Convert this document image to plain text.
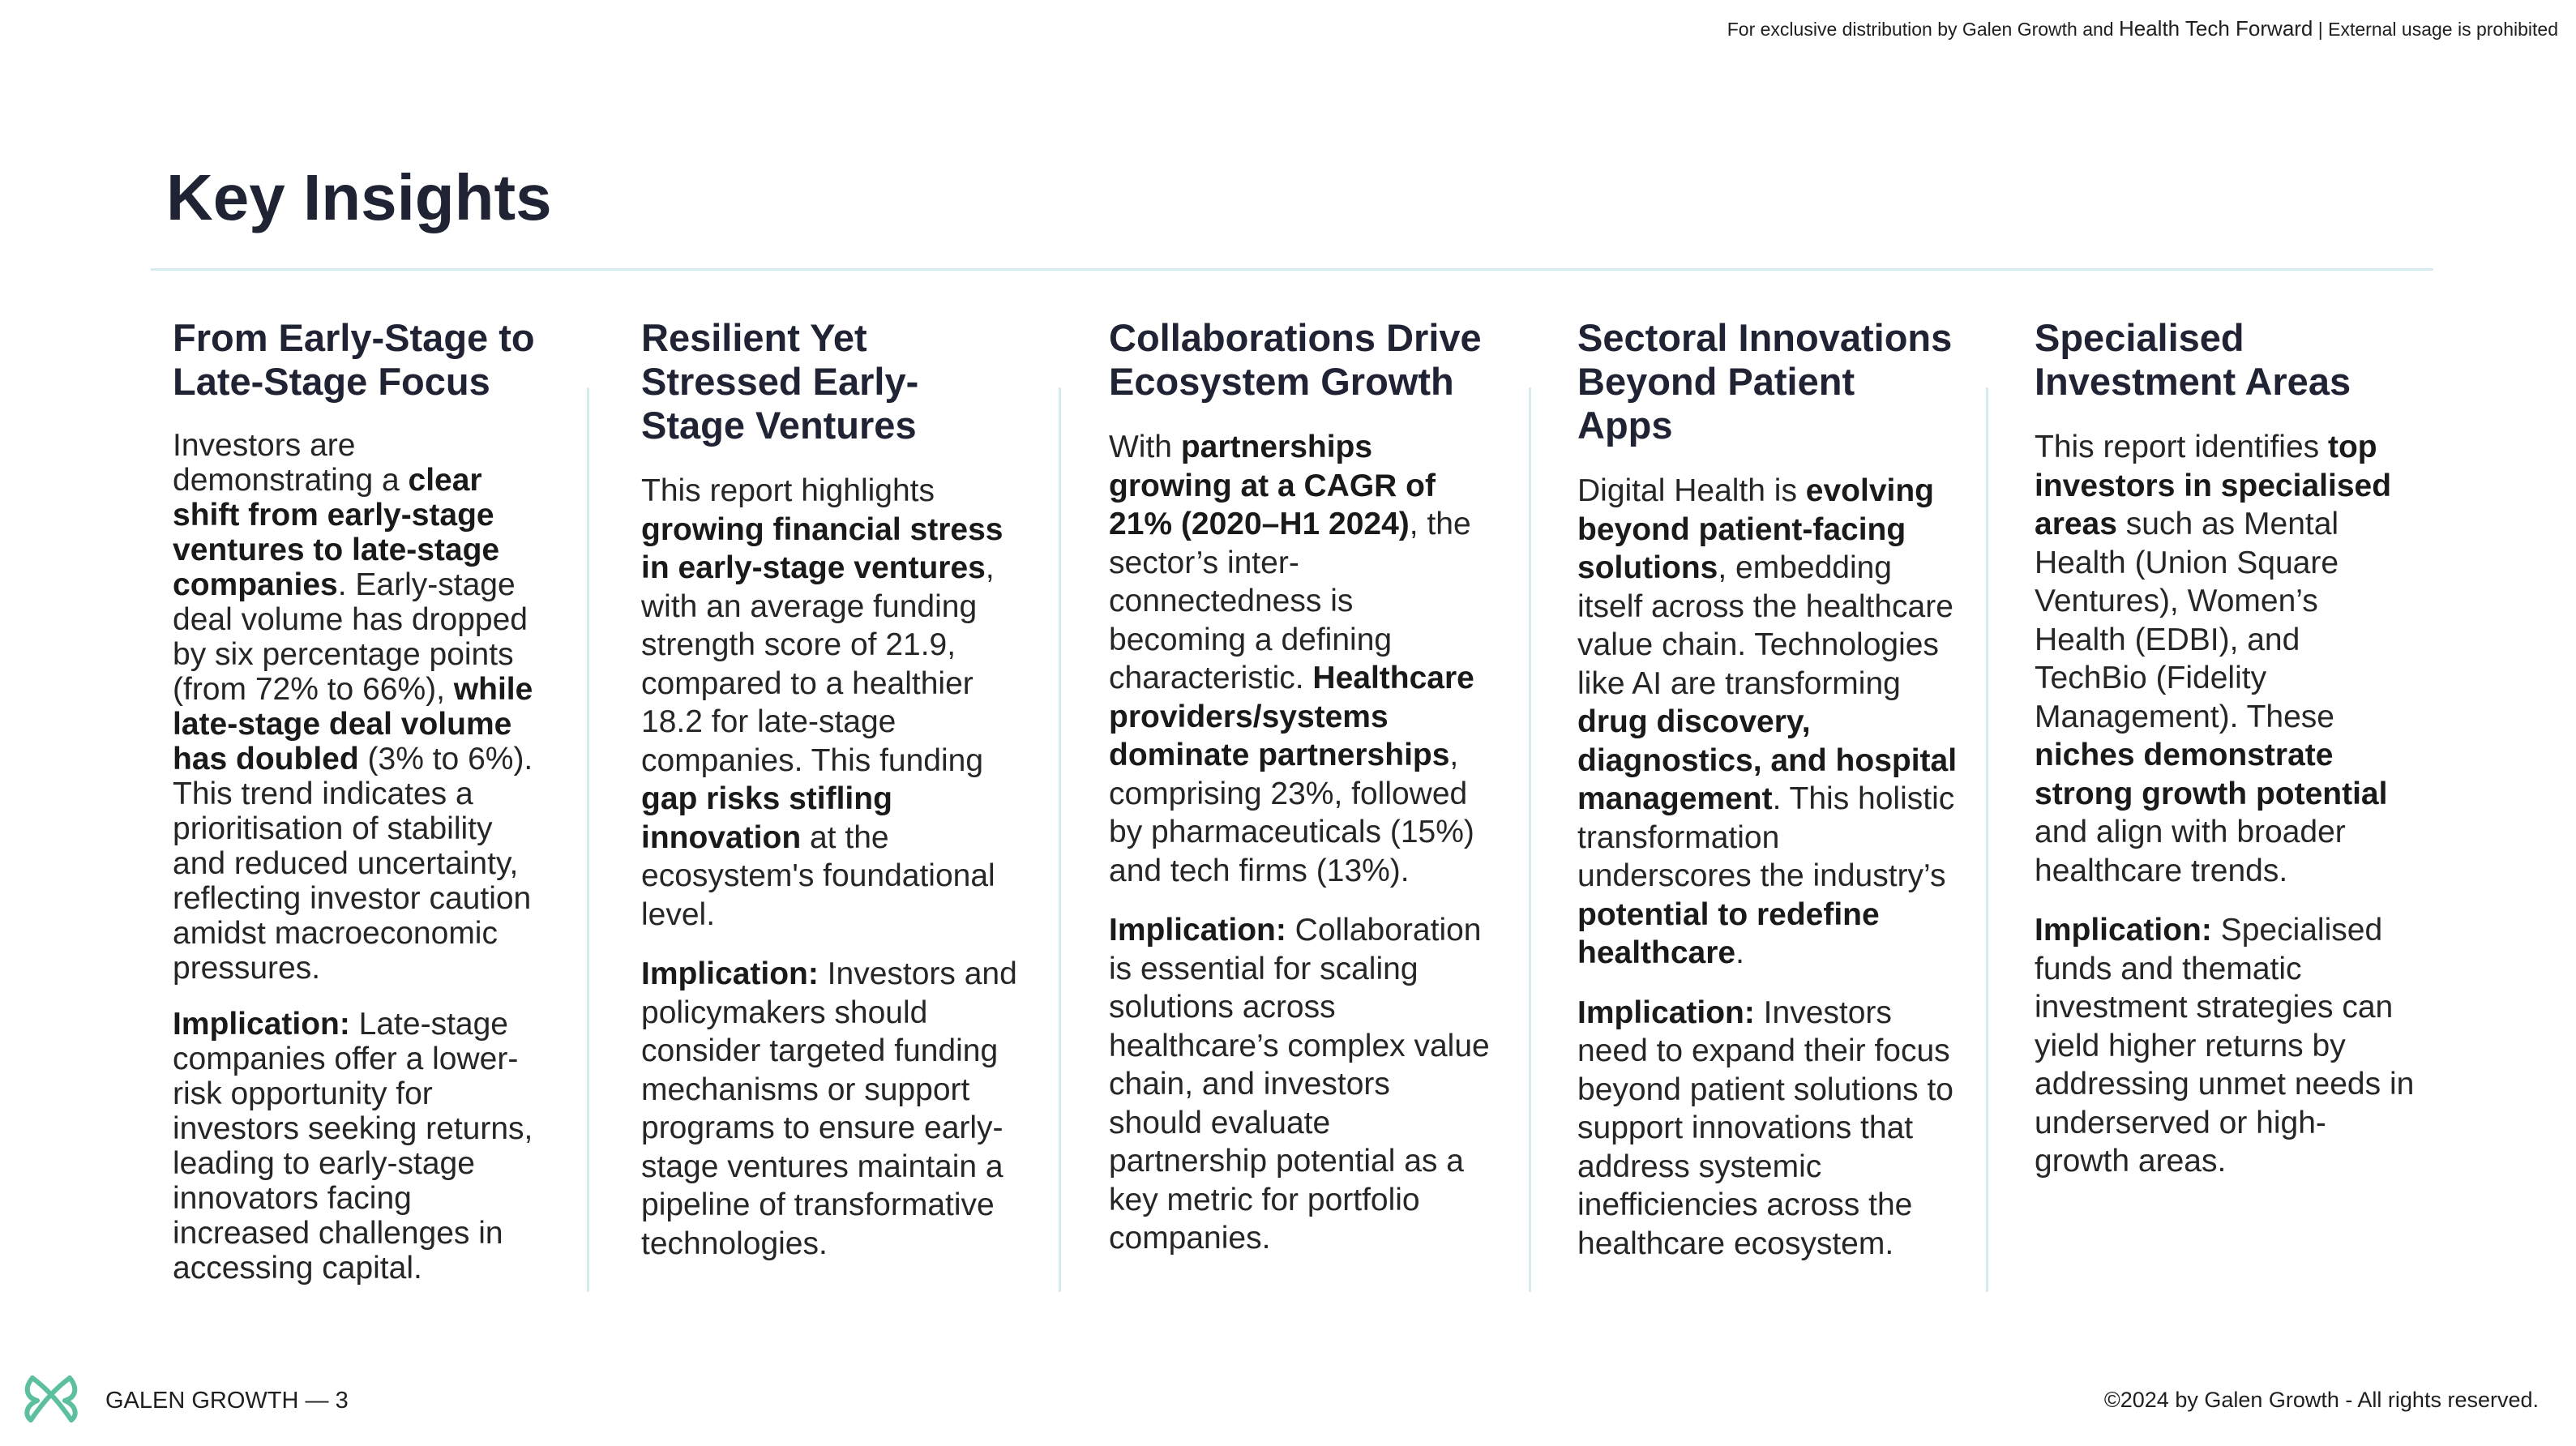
For exclusive distribution by Galen Growth and Health Tech Forward | External usage is prohibited
Key Insights
From Early-Stage to Late-Stage Focus

Investors are demonstrating a clear shift from early-stage ventures to late-stage companies. Early-stage deal volume has dropped by six percentage points (from 72% to 66%), while late-stage deal volume has doubled (3% to 6%). This trend indicates a prioritisation of stability and reduced uncertainty, reflecting investor caution amidst macroeconomic pressures.

Implication: Late-stage companies offer a lower-risk opportunity for investors seeking returns, leading to early-stage innovators facing increased challenges in accessing capital.

Resilient Yet Stressed Early-Stage Ventures

This report highlights growing financial stress in early-stage ventures, with an average funding strength score of 21.9, compared to a healthier 18.2 for late-stage companies. This funding gap risks stifling innovation at the ecosystem's foundational level.

Implication: Investors and policymakers should consider targeted funding mechanisms or support programs to ensure early-stage ventures maintain a pipeline of transformative technologies.

Collaborations Drive Ecosystem Growth

With partnerships growing at a CAGR of 21% (2020–H1 2024), the sector’s inter-connectedness is becoming a defining characteristic. Healthcare providers/systems dominate partnerships, comprising 23%, followed by pharmaceuticals (15%) and tech firms (13%).

Implication: Collaboration is essential for scaling solutions across healthcare’s complex value chain, and investors should evaluate partnership potential as a key metric for portfolio companies.

Sectoral Innovations Beyond Patient Apps

Digital Health is evolving beyond patient-facing solutions, embedding itself across the healthcare value chain. Technologies like AI are transforming drug discovery, diagnostics, and hospital management. This holistic transformation underscores the industry’s potential to redefine healthcare.

Implication: Investors need to expand their focus beyond patient solutions to support innovations that address systemic inefficiencies across the healthcare ecosystem.

Specialised Investment Areas

This report identifies top investors in specialised areas such as Mental Health (Union Square Ventures), Women’s Health (EDBI), and TechBio (Fidelity Management). These niches demonstrate strong growth potential and align with broader healthcare trends.

Implication: Specialised funds and thematic investment strategies can yield higher returns by addressing unmet needs in underserved or high-growth areas.

GALEN GROWTH — 3	©2024 by Galen Growth - All rights reserved.
